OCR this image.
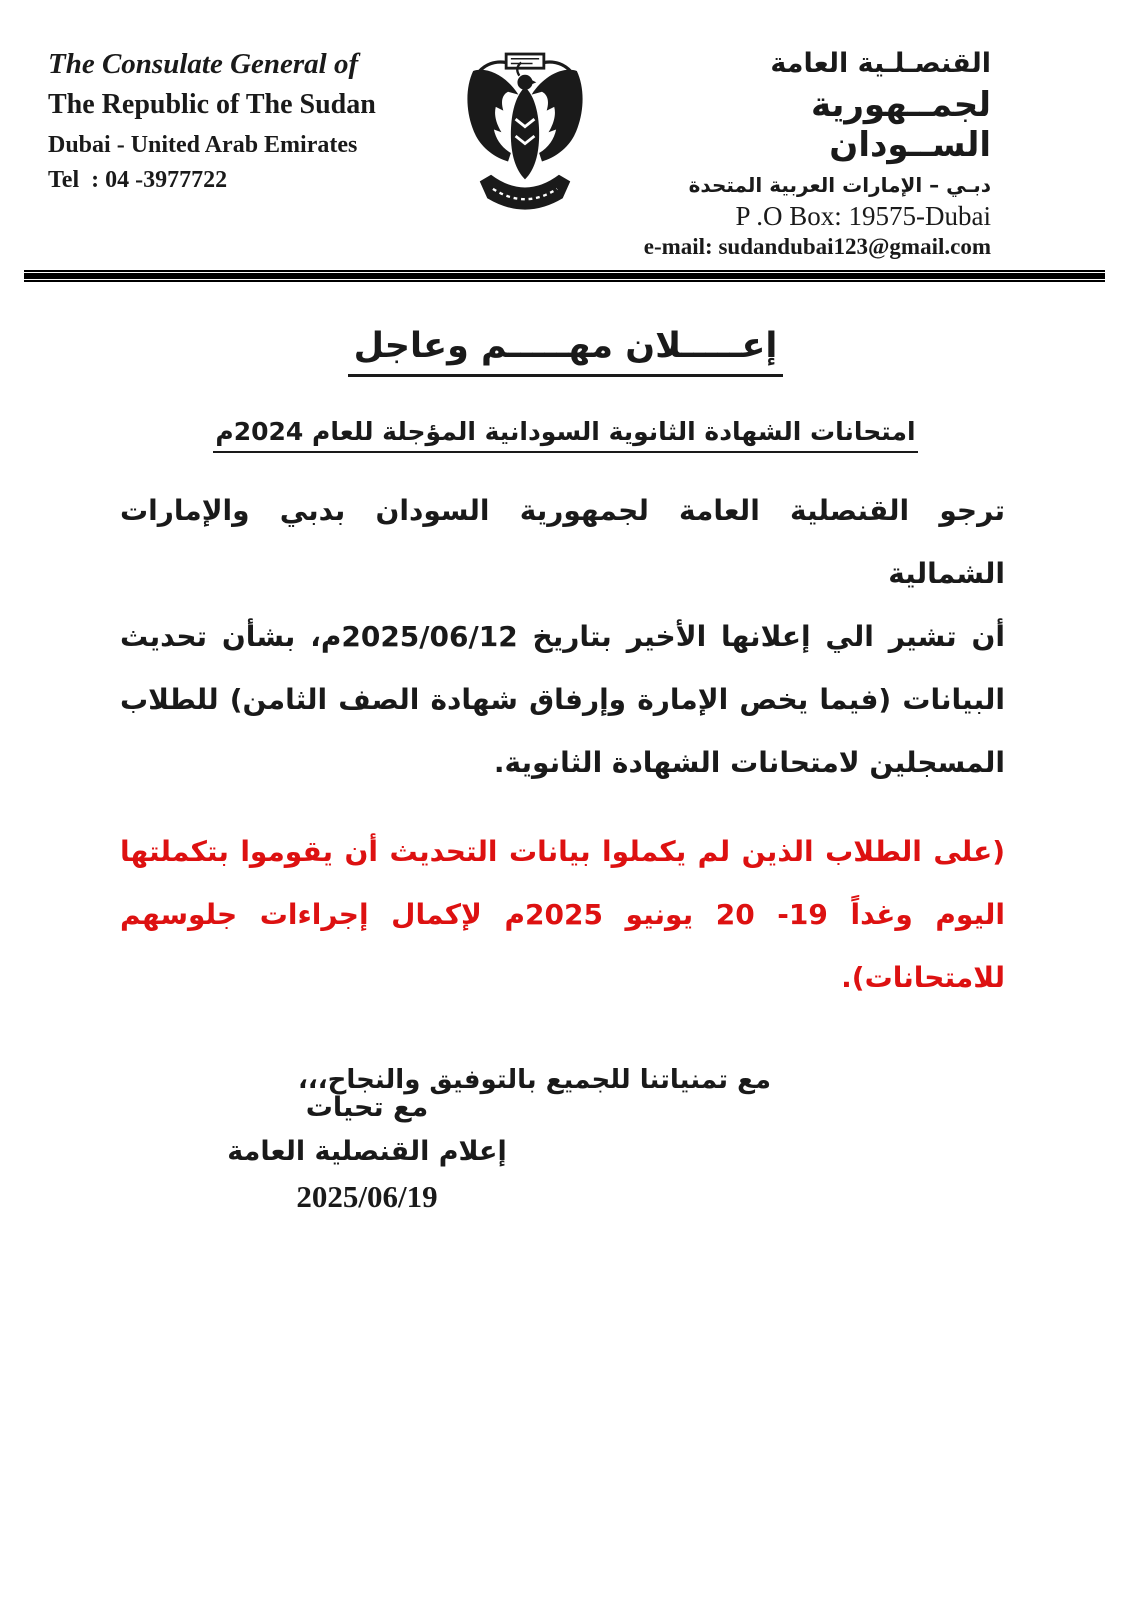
The Consulate General of
The Republic of The Sudan
Dubai - United Arab Emirates
Tel  : 04 -3977722
القنصـلـية العامة
لجمــهورية الســودان
دبـي – الإمارات العربية المتحدة
P .O Box: 19575-Dubai
e-mail: sudandubai123@gmail.com
إعـــــلان مهـــــم وعاجل
امتحانات الشهادة الثانوية السودانية المؤجلة للعام 2024م
ترجو القنصلية العامة لجمهورية السودان بدبي والإمارات الشمالية
أن تشير الي إعلانها الأخير بتاريخ 2025/06/12م، بشأن تحديث
البيانات (فيما يخص الإمارة وإرفاق شهادة الصف الثامن) للطلاب
المسجلين لامتحانات الشهادة الثانوية.
(على الطلاب الذين لم يكملوا بيانات التحديث أن يقوموا بتكملتها
اليوم وغداً 19- 20 يونيو 2025م لإكمال إجراءات جلوسهم
للامتحانات).
مع تمنياتنا للجميع بالتوفيق والنجاح،،،
مع تحيات
إعلام القنصلية العامة
2025/06/19
